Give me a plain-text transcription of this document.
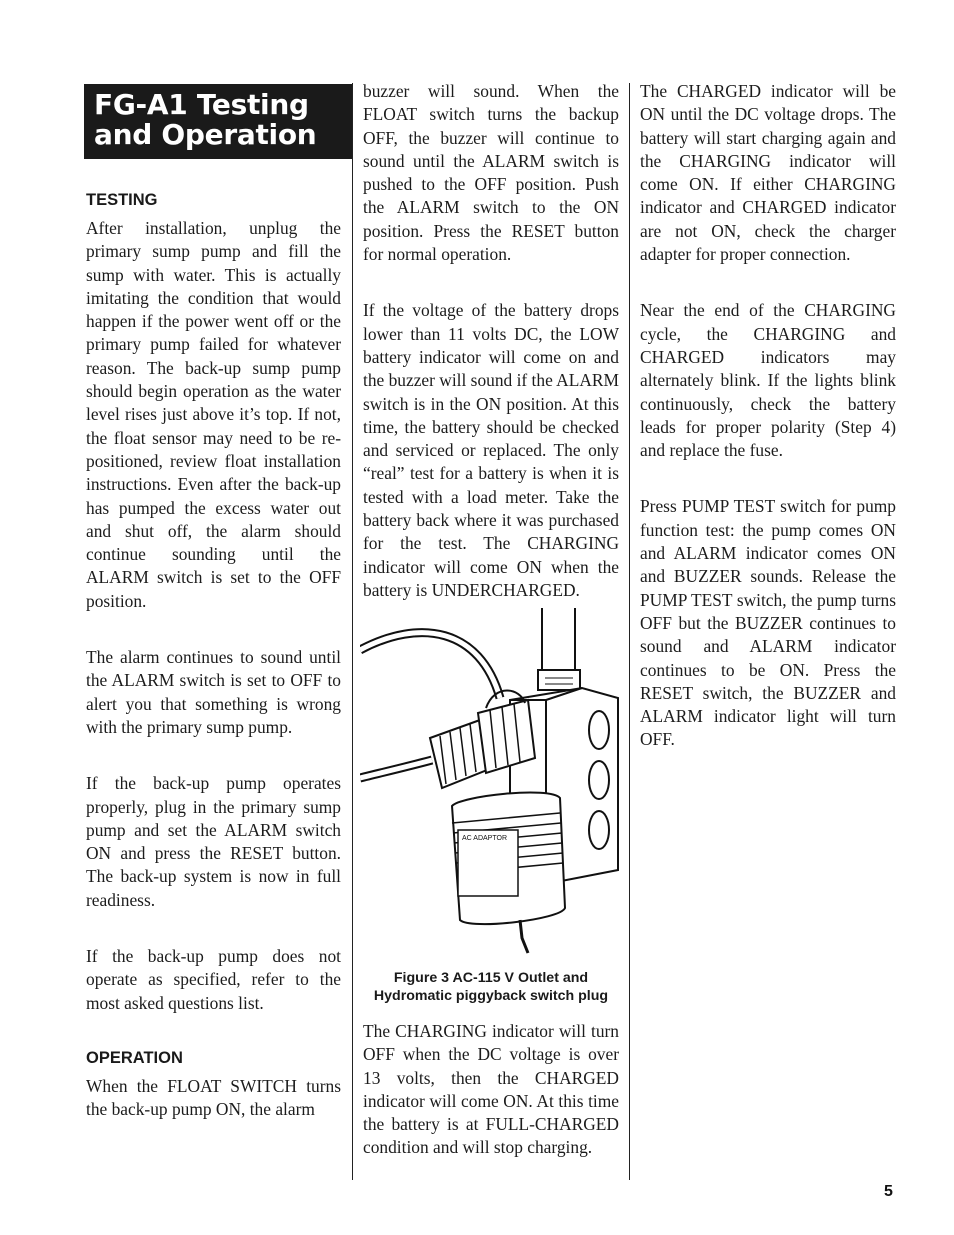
FG-A1 Testing
and Operation
TESTING

After installation, unplug the primary sump pump and fill the sump with water. This is actually imitating the condition that would happen if the power went off or the primary pump failed for whatever reason. The back-up sump pump should begin operation as the water level rises just above it’s top. If not, the float sensor may need to be re-positioned, review float installation instructions. Even after the back-up has pumped the excess water out and shut off, the alarm should continue sounding until the ALARM switch is set to the OFF position.

The alarm continues to sound until the ALARM switch is set to OFF to alert you that something is wrong with the primary sump pump.

If the back-up pump operates properly, plug in the primary sump pump and set the ALARM switch ON and press the RESET button. The back-up system is now in full readiness.

If the back-up pump does not operate as specified, refer to the most asked questions list.

OPERATION

When the FLOAT SWITCH turns the back-up pump ON, the alarm

buzzer will sound. When the FLOAT switch turns the backup OFF, the buzzer will continue to sound until the ALARM switch is pushed to the OFF position. Push the ALARM switch to the ON position. Press the RESET button for normal operation.

If the voltage of the battery drops lower than 11 volts DC, the LOW battery indicator will come on and the buzzer will sound if the ALARM switch is in the ON position. At this time, the battery should be checked and serviced or replaced. The only “real” test for a battery is when it is tested with a load meter. Take the battery back where it was purchased for the test. The CHARGING indicator will come ON when the battery is UNDERCHARGED.

AC ADAPTOR
Figure 3 AC-115 V Outlet and
Hydromatic piggyback switch plug

The CHARGING indicator will turn OFF when the DC voltage is over 13 volts, then the CHARGED indicator will come ON. At this time the battery is at FULL-CHARGED condition and will stop charging.

The CHARGED indicator will be ON until the DC voltage drops. The battery will start charging again and the CHARGING indicator will come ON. If either CHARGING indicator and CHARGED indicator are not ON, check the charger adapter for proper connection.

Near the end of the CHARGING cycle, the CHARGING and CHARGED indicators may alternately blink. If the lights blink continuously, check the battery leads for proper polarity (Step 4) and replace the fuse.

Press PUMP TEST switch for pump function test: the pump comes ON and ALARM indicator comes ON and BUZZER sounds. Release the PUMP TEST switch, the pump turns OFF but the BUZZER continues to sound and ALARM indicator continues to be ON. Press the RESET switch, the BUZZER and ALARM indicator light will turn OFF.

5
